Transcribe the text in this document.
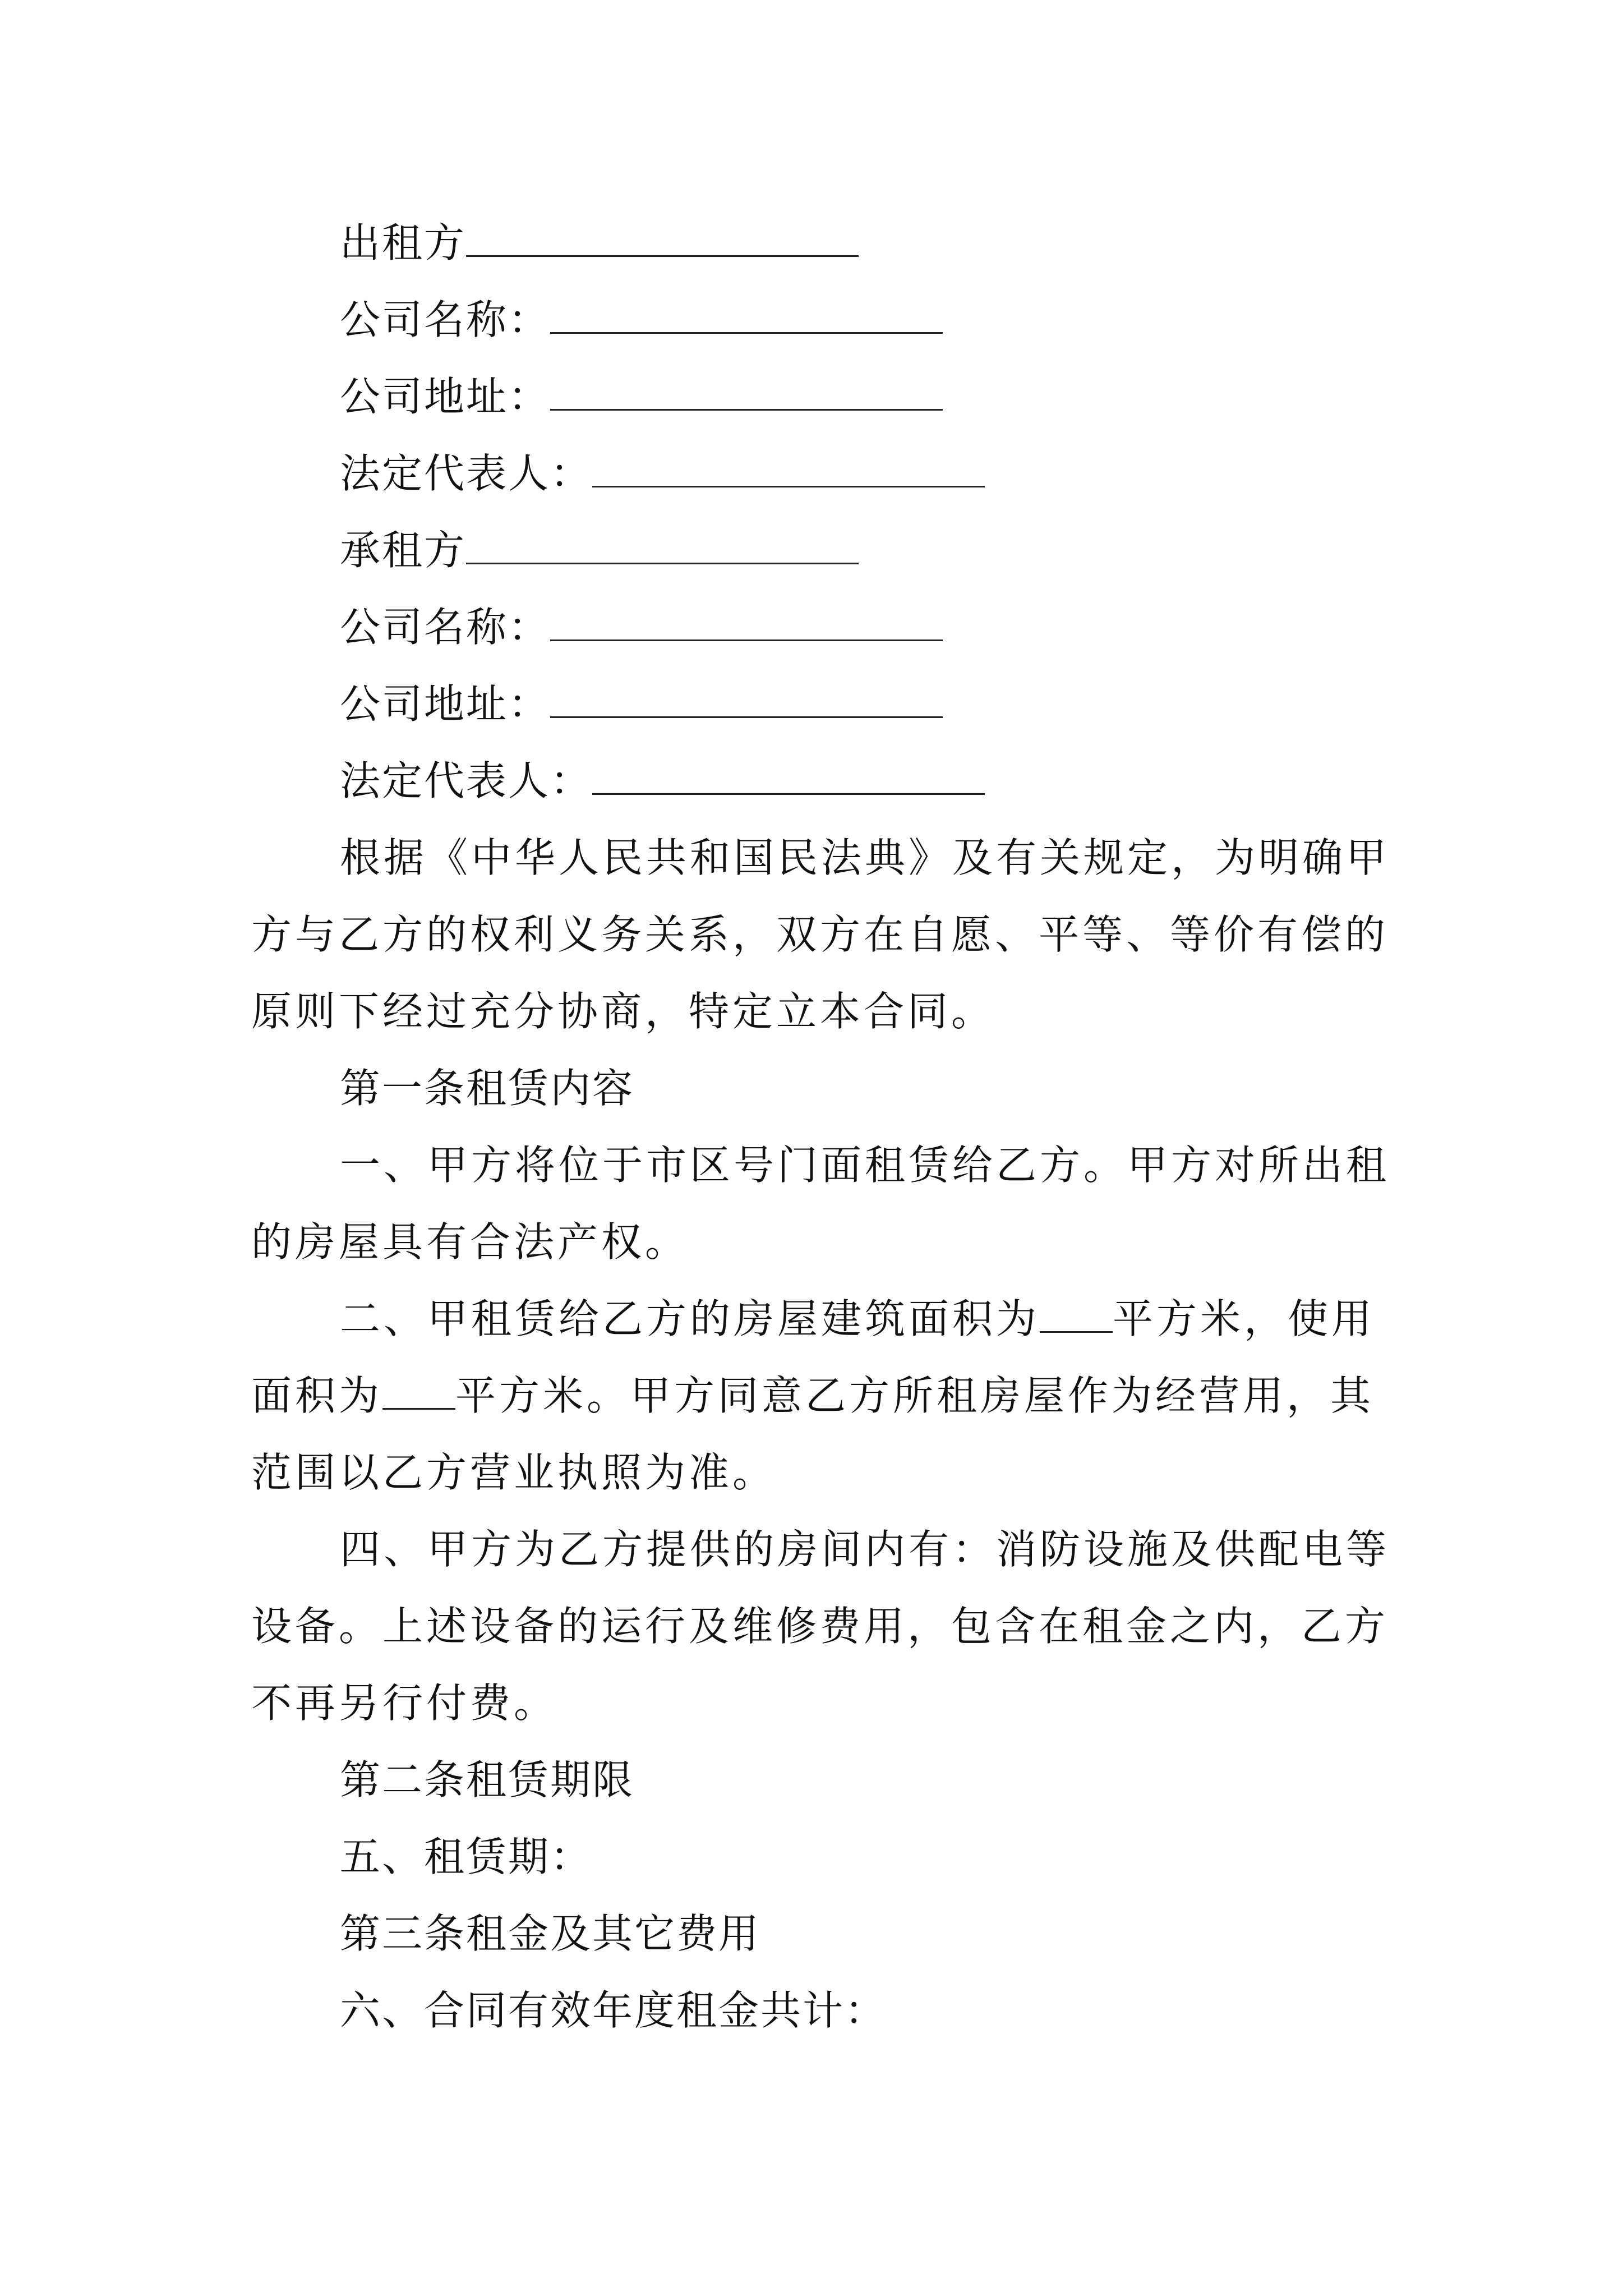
出租方
公司名称：
公司地址：
法定代表人：
承租方
公司名称：
公司地址：
法定代表人：
根据《中华人民共和国民法典》及有关规定，为明确甲
方与乙方的权利义务关系，双方在自愿、平等、等价有偿的
原则下经过充分协商，特定立本合同。
第一条租赁内容
一、甲方将位于市区号门面租赁给乙方。甲方对所出租
的房屋具有合法产权。
二、甲租赁给乙方的房屋建筑面积为 平方米，使用
面积为 平方米。甲方同意乙方所租房屋作为经营用，其
范围以乙方营业执照为准。
四、甲方为乙方提供的房间内有：消防设施及供配电等
设备。上述设备的运行及维修费用，包含在租金之内，乙方
不再另行付费。
第二条租赁期限
五、租赁期：
第三条租金及其它费用
六、合同有效年度租金共计：
